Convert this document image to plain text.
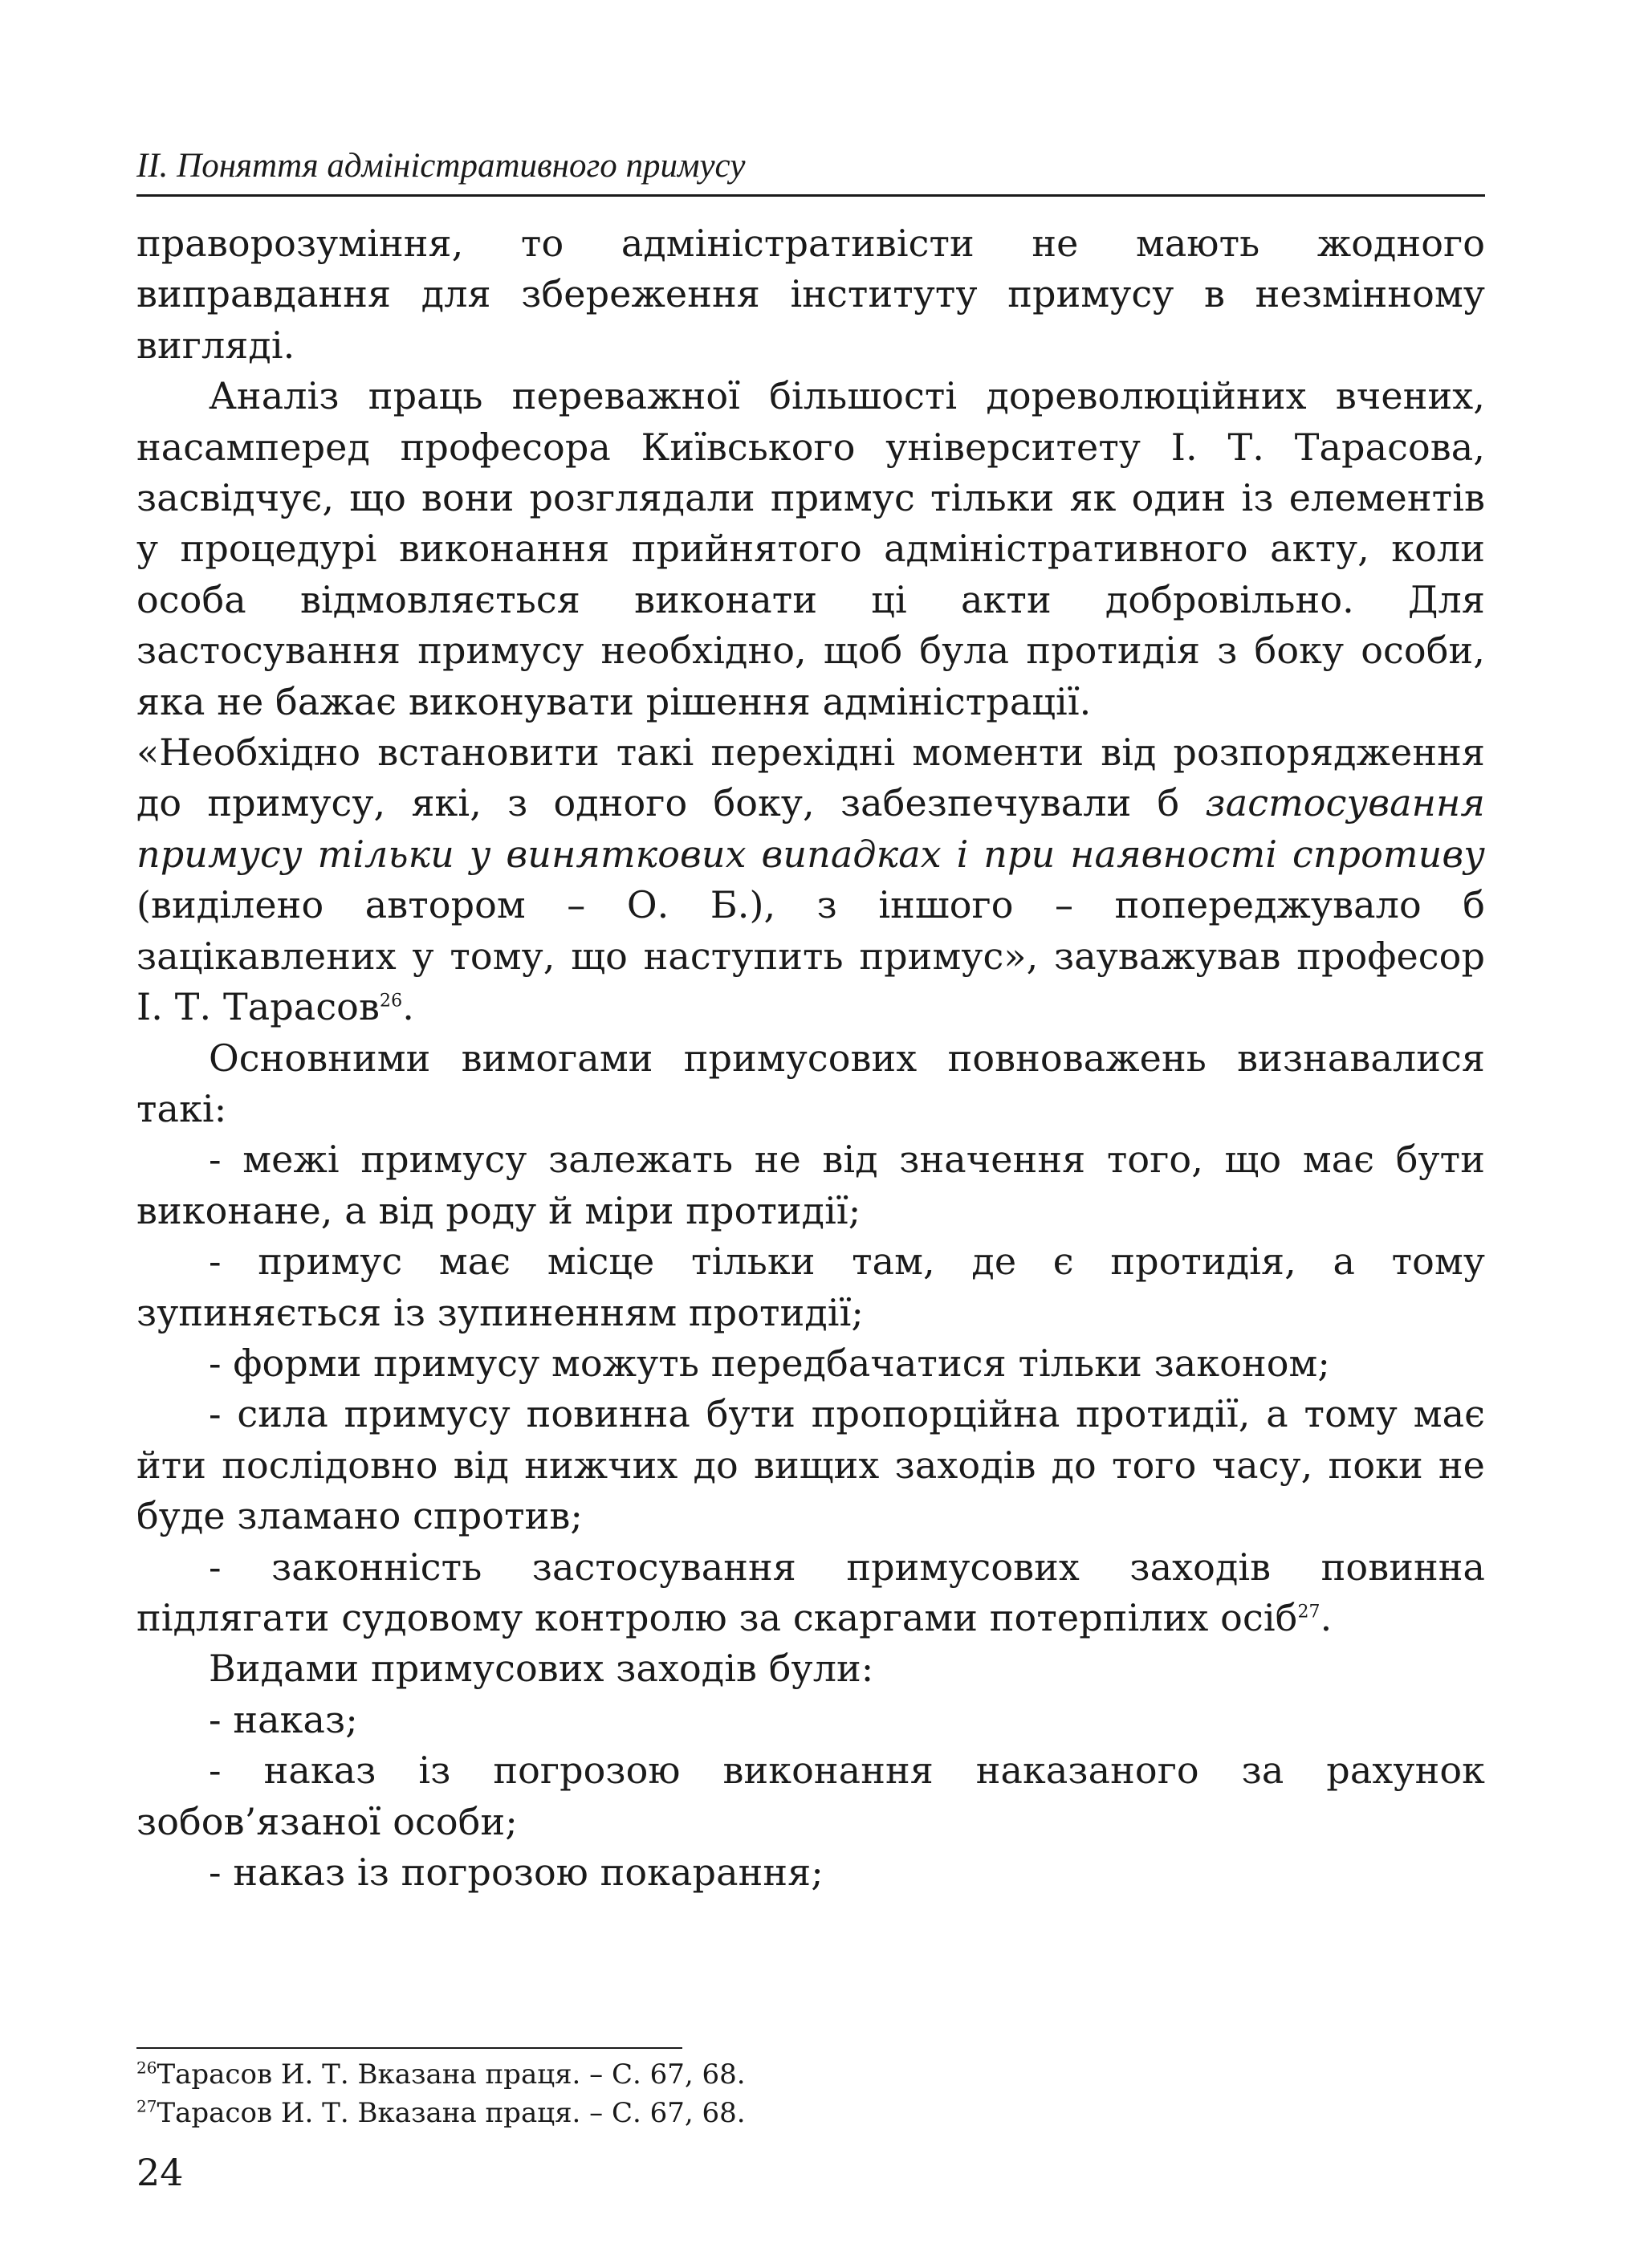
II. Поняття адміністративного примусу

праворозуміння, то адміністративісти не мають жодного виправдання для збереження інституту примусу в незмінному вигляді.

Аналіз праць переважної більшості дореволюційних вчених, насамперед професора Київського університету І. Т. Тарасова, засвідчує, що вони розглядали примус тільки як один із елементів у процедурі виконання прийнятого адміністративного акту, коли особа відмовляється виконати ці акти добровільно. Для застосування примусу необхідно, щоб була протидія з боку особи, яка не бажає виконувати рішення адміністрації.

«Необхідно встановити такі перехідні моменти від розпорядження до примусу, які, з одного боку, забезпечували б застосування примусу тільки у виняткових випадках і при наявності спротиву (виділено автором – О. Б.), з іншого – попереджувало б зацікавлених у тому, що наступить примус», зауважував професор І. Т. Тарасов$^{26}$.

Основними вимогами примусових повноважень визнавалися такі:

- межі примусу залежать не від значення того, що має бути виконане, а від роду й міри протидії;

- примус має місце тільки там, де є протидія, а тому зупиняється із зупиненням протидії;

- форми примусу можуть передбачатися тільки законом;

- сила примусу повинна бути пропорційна протидії, а тому має йти послідовно від нижчих до вищих заходів до того часу, поки не буде зламано спротив;

- законність застосування примусових заходів повинна підлягати судовому контролю за скаргами потерпілих осіб$^{27}$.

Видами примусових заходів були:

- наказ;

- наказ із погрозою виконання наказаного за рахунок зобов’язаної особи;

- наказ із погрозою покарання;

$^{26}$Тарасов И. Т. Вказана праця. – С. 67, 68.
$^{27}$Тарасов И. Т. Вказана праця. – С. 67, 68.
24
